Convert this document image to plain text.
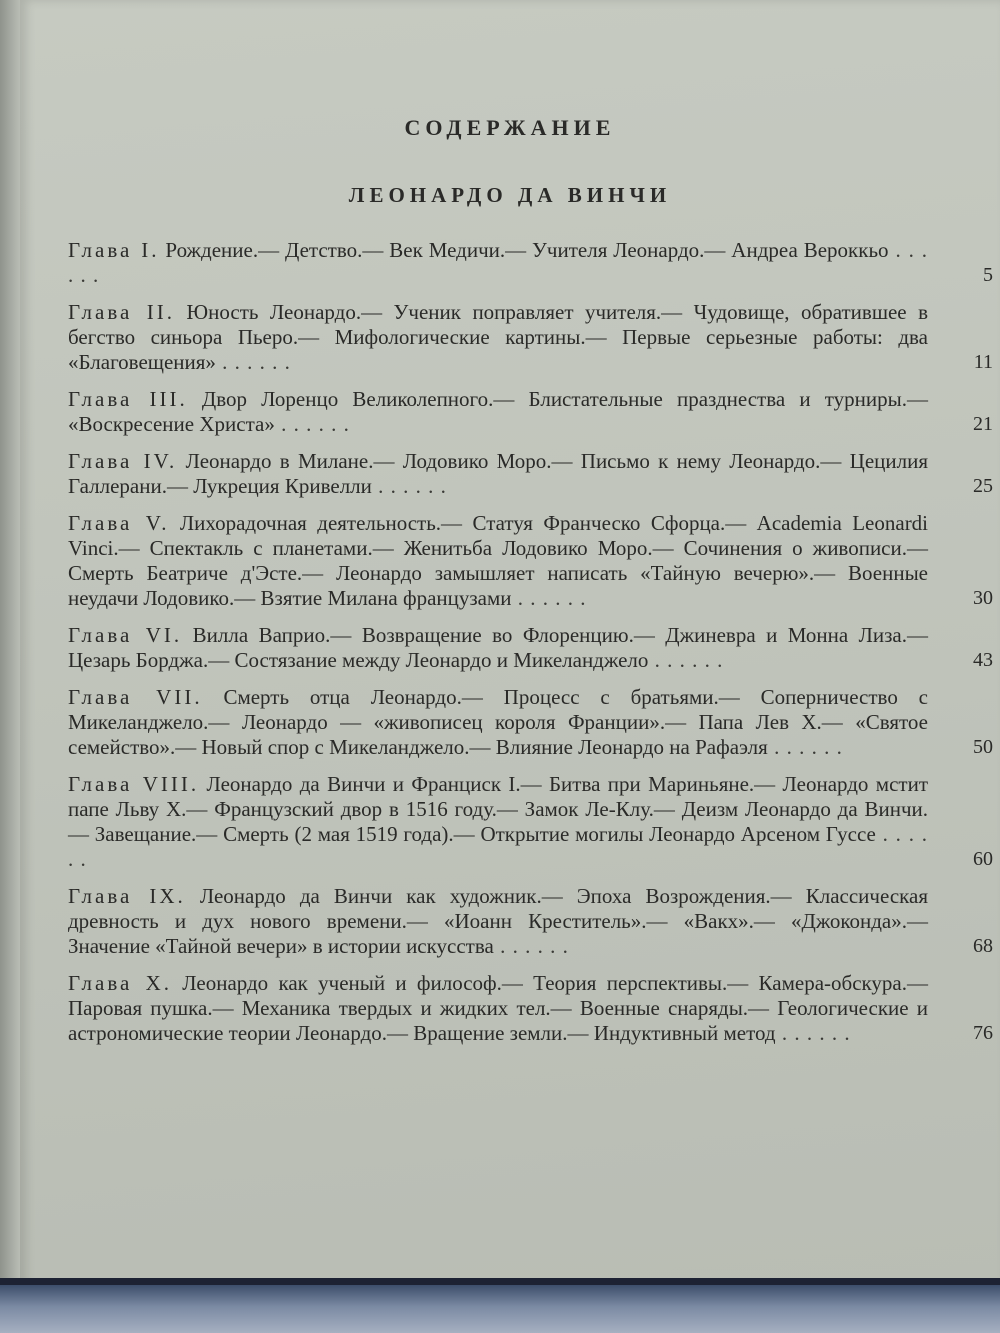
СОДЕРЖАНИЕ
ЛЕОНАРДО ДА ВИНЧИ

Глава I. Рождение.— Детство.— Век Медичи.— Учителя Леонардо.— Андреа Вероккьо . . . . . .	5

Глава II. Юность Леонардо.— Ученик поправляет учителя.— Чудовище, обратившее в бегство синьора Пьеро.— Мифологические картины.— Первые серьезные работы: два «Благовещения» . . . . . .	11

Глава III. Двор Лоренцо Великолепного.— Блистательные празднества и турниры.— «Воскресение Христа» . . . . . .	21

Глава IV. Леонардо в Милане.— Лодовико Моро.— Письмо к нему Леонардо.— Цецилия Галлерани.— Лукреция Кривелли . . . . . .	25

Глава V. Лихорадочная деятельность.— Статуя Франческо Сфорца.— Academia Leonardi Vinci.— Спектакль с планетами.— Женитьба Лодовико Моро.— Сочинения о живописи.— Смерть Беатриче д'Эсте.— Леонардо замышляет написать «Тайную вечерю».— Военные неудачи Лодовико.— Взятие Милана французами . . . . . .	30

Глава VI. Вилла Ваприо.— Возвращение во Флоренцию.— Джиневра и Монна Лиза.— Цезарь Борджа.— Состязание между Леонардо и Микеланджело . . . . . .	43

Глава VII. Смерть отца Леонардо.— Процесс с братьями.— Соперничество с Микеланджело.— Леонардо — «живописец короля Франции».— Папа Лев X.— «Святое семейство».— Новый спор с Микеланджело.— Влияние Леонардо на Рафаэля . . . . . .	50

Глава VIII. Леонардо да Винчи и Франциск I.— Битва при Мариньяне.— Леонардо мстит папе Льву X.— Французский двор в 1516 году.— Замок Ле-Клу.— Деизм Леонардо да Винчи.— Завещание.— Смерть (2 мая 1519 года).— Открытие могилы Леонардо Арсеном Гуссе . . . . . .	60

Глава IX. Леонардо да Винчи как художник.— Эпоха Возрождения.— Классическая древность и дух нового времени.— «Иоанн Креститель».— «Вакх».— «Джоконда».— Значение «Тайной вечери» в истории искусства . . . . . .	68

Глава X. Леонардо как ученый и философ.— Теория перспективы.— Камера-обскура.— Паровая пушка.— Механика твердых и жидких тел.— Военные снаряды.— Геологические и астрономические теории Леонардо.— Вращение земли.— Индуктивный метод . . . . . .	76
